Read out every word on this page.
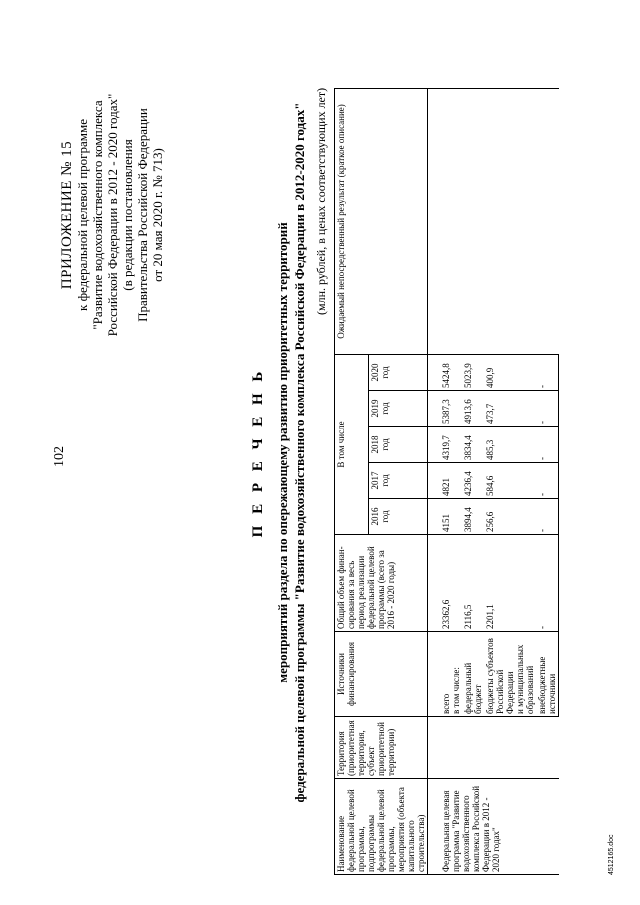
102
ПРИЛОЖЕНИЕ № 15 к федеральной целевой программе "Развитие водохозяйственного комплекса Российской Федерации в 2012 - 2020 годах" (в редакции постановления Правительства Российской Федерации от 20 мая 2020 г. № 713)
П Е Р Е Ч Е Н Ь мероприятий раздела по опережающему развитию приоритетных территорий федеральной целевой программы "Развитие водохозяйственного комплекса Российской Федерации в 2012-2020 годах" (млн. рублей, в ценах соответствующих лет)
Наименование федеральной целевой программы, подпрограммы федеральной целевой программы, мероприятия (объекта капитального строительства)	Территория (приоритетная территория, субъект приоритетной территории)	Источники финансирования	Общий объем финан-сирования за весь период реализации федеральной целевой программы (всего за 2016 - 2020 годы)	В том числе					Ожидаемый непосредственный результат (краткое описание)
				2016 год	2017 год	2018 год	2019 год	2020 год	

Федеральная целевая программа "Развитие водохозяйственного комплекса Российской Федерации в 2012 - 2020 годах"		всего в том числе:	23362,6	4151	4821	4319,7	5387,3	5424,8	

		федеральный бюджет	2116,5	3894,4	4236,4	3834,4	4913,6	5023,9	

		бюджеты субъектов Российской Федерации и муниципальных образований	2201,1	256,6	584,6	485,3	473,7	400,9	

		внебюджетные источники	-	-	-	-	-	-	
4512165.doc
